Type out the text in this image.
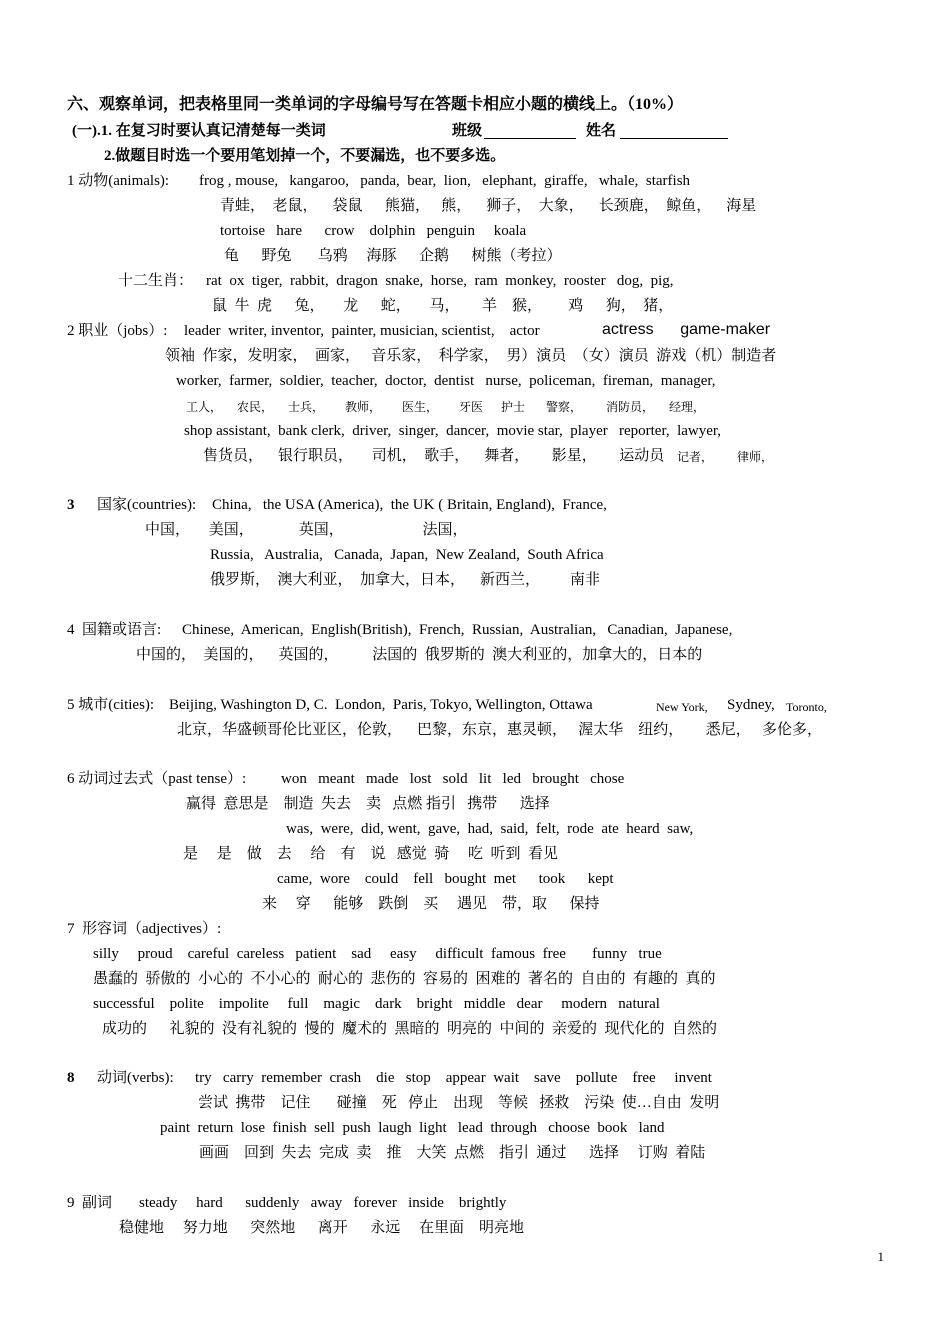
六、观察单词，把表格里同一类单词的字母编号写在答题卡相应小题的横线上。（10%）
(一).1. 在复习时要认真记清楚每一类词	班级	姓名
2.做题目时选一个要用笔划掉一个，不要漏选，也不要多选。
1 动物(animals): frog , mouse,   kangaroo,   panda,  bear,  lion,   elephant,  giraffe,   whale,  starfish
青蛙，  老鼠，    袋鼠      熊猫，   熊，    狮子，  大象，    长颈鹿，  鲸鱼，    海星
tortoise   hare      crow    dolphin   penguin     koala
龟      野兔       乌鸦     海豚      企鹅      树熊（考拉）
十二生肖： rat  ox  tiger,  rabbit,  dragon  snake,  horse,  ram  monkey,  rooster   dog,  pig,
鼠  牛  虎      兔，     龙      蛇，     马，      羊    猴，       鸡      狗，  猪，
2 职业（jobs）: leader  writer, inventor,  painter, musician, scientist,    actor	actress      game-maker
领袖  作家，发明家，  画家，   音乐家，  科学家，  男）演员  （女）演员  游戏（机）制造者
worker,  farmer,  soldier,  teacher,  doctor,  dentist   nurse,  policeman,  fireman,  manager,
工人，     农民，     士兵，       教师，       医生，       牙医      护士       警察，        消防员，     经理，
shop assistant,  bank clerk,  driver,  singer,  dancer,  movie star,  player   reporter,  lawyer,
售货员，    银行职员，     司机，  歌手，    舞者，      影星，      运动员 记者，        律师，
3 国家(countries): China,   the USA (America),  the UK ( Britain, England),  France,
中国，     美国，            英国，                     法国，
Russia,   Australia,   Canada,  Japan,  New Zealand,  South Africa
俄罗斯，  澳大利亚，  加拿大，日本，    新西兰，        南非
4  国籍或语言: Chinese,  American,  English(British),  French,  Russian,  Australian,   Canadian,  Japanese,
中国的，  美国的，    英国的，         法国的  俄罗斯的  澳大利亚的，加拿大的，日本的
5 城市(cities): Beijing, Washington D, C.  London,  Paris, Tokyo, Wellington, Ottawa	New York, Sydney, Toronto,
北京，华盛顿哥伦比亚区，伦敦，    巴黎，东京，惠灵顿，   渥太华    纽约，      悉尼，   多伦多，
6 动词过去式（past tense）: won   meant   made   lost   sold   lit   led   brought   chose
赢得  意思是    制造  失去    卖   点燃 指引   携带      选择
was,  were,  did, went,  gave,  had,  said,  felt,  rode  ate  heard  saw,
是     是    做    去     给    有    说   感觉  骑     吃  听到  看见
came,  wore    could    fell   bought  met      took      kept
来     穿      能够    跌倒    买     遇见    带，取      保持
7  形容词（adjectives）:
silly     proud    careful  careless   patient    sad     easy     difficult  famous  free       funny   true
愚蠢的  骄傲的  小心的  不小心的  耐心的  悲伤的  容易的  困难的  著名的  自由的  有趣的  真的
successful    polite    impolite     full    magic    dark    bright   middle   dear     modern   natural
成功的      礼貌的  没有礼貌的  慢的  魔术的  黑暗的  明亮的  中间的  亲爱的  现代化的  自然的
8 动词(verbs): try   carry  remember  crash    die   stop    appear  wait    save    pollute    free     invent
尝试  携带    记住       碰撞    死   停止    出现    等候   拯救    污染  使…自由  发明
paint  return  lose  finish  sell  push  laugh  light   lead  through   choose  book   land
画画    回到  失去  完成  卖    推    大笑  点燃    指引  通过      选择     订购  着陆
9  副词 steady     hard      suddenly   away   forever   inside    brightly
稳健地     努力地      突然地      离开      永远     在里面    明亮地
1
